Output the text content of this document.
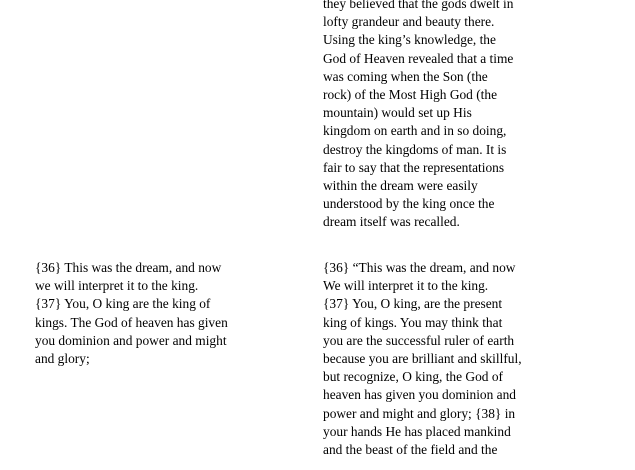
they believed that the gods dwelt in
lofty grandeur and beauty there.
Using the king’s knowledge, the
God of Heaven revealed that a time
was coming when the Son (the
rock) of the Most High God (the
mountain) would set up His
kingdom on earth and in so doing,
destroy the kingdoms of man. It is
fair to say that the representations
within the dream were easily
understood by the king once the
dream itself was recalled.
{36} This was the dream, and now
we will interpret it to the king.
{37} You, O king are the king of
kings. The God of heaven has given
you dominion and power and might
and glory;
{36} “This was the dream, and now
We will interpret it to the king.
{37} You, O king, are the present
king of kings. You may think that
you are the successful ruler of earth
because you are brilliant and skillful,
but recognize, O king, the God of
heaven has given you dominion and
power and might and glory; {38} in
your hands He has placed mankind
and the beast of the field and the
